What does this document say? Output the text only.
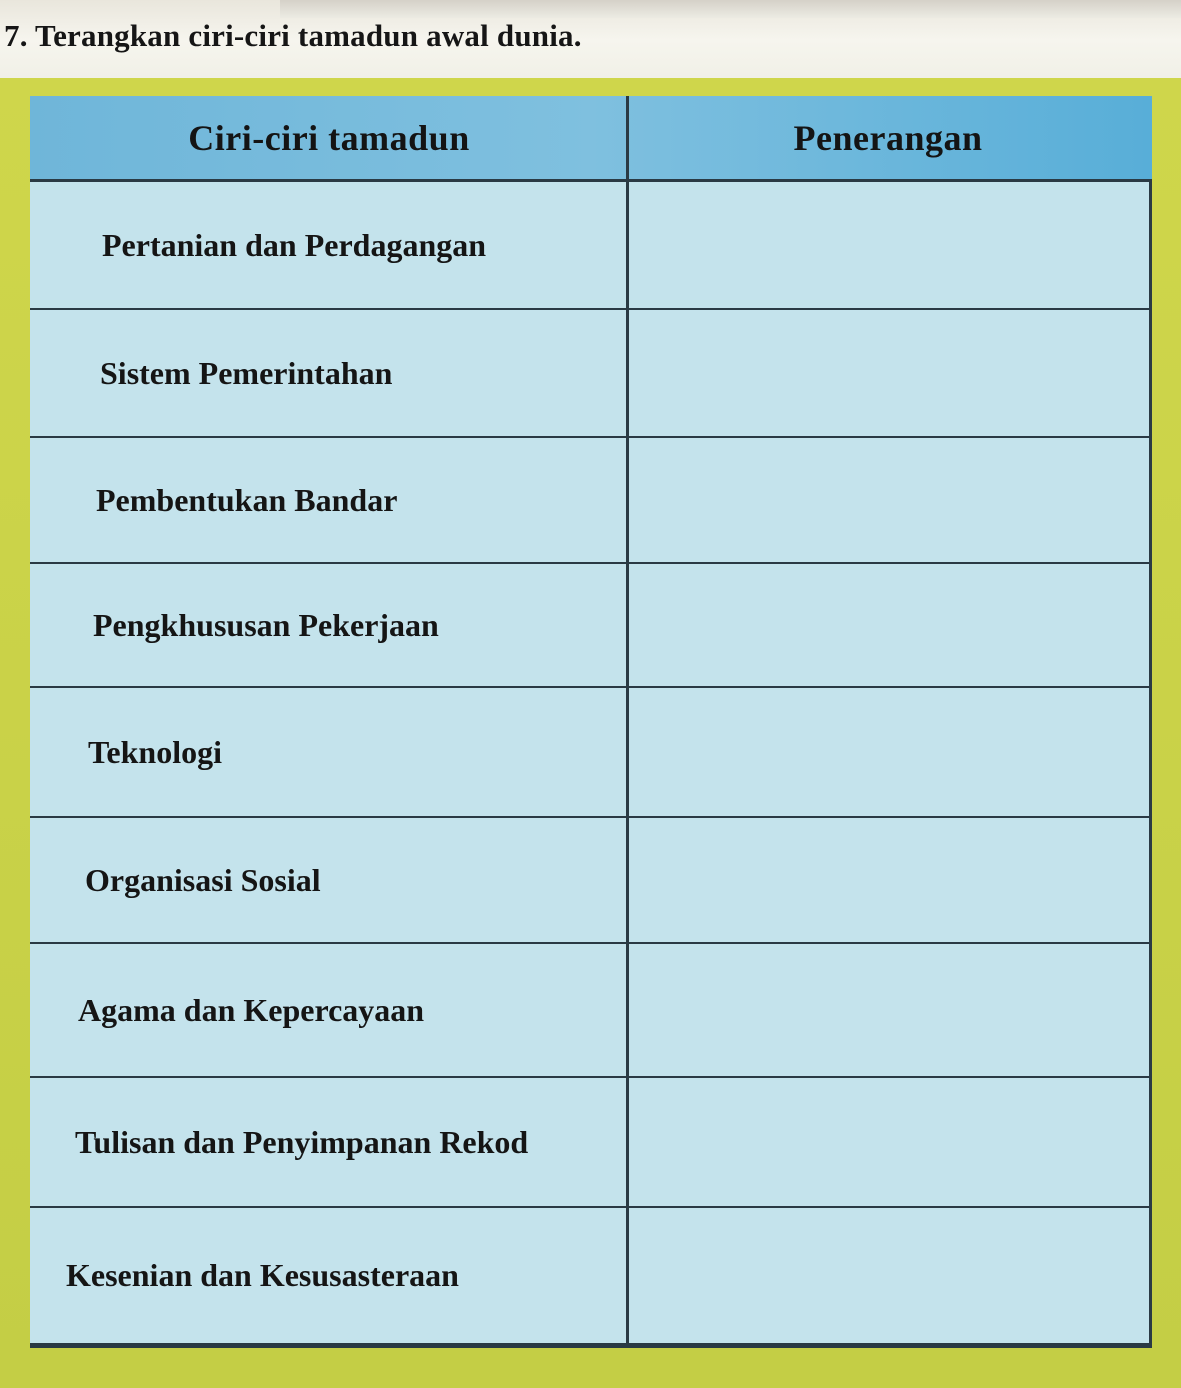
7. Terangkan ciri-ciri tamadun awal dunia.
Ciri-ciri tamadun	Penerangan
Pertanian dan Perdagangan
Sistem Pemerintahan
Pembentukan Bandar
Pengkhususan Pekerjaan
Teknologi
Organisasi Sosial
Agama dan Kepercayaan
Tulisan dan Penyimpanan Rekod
Kesenian dan Kesusasteraan
